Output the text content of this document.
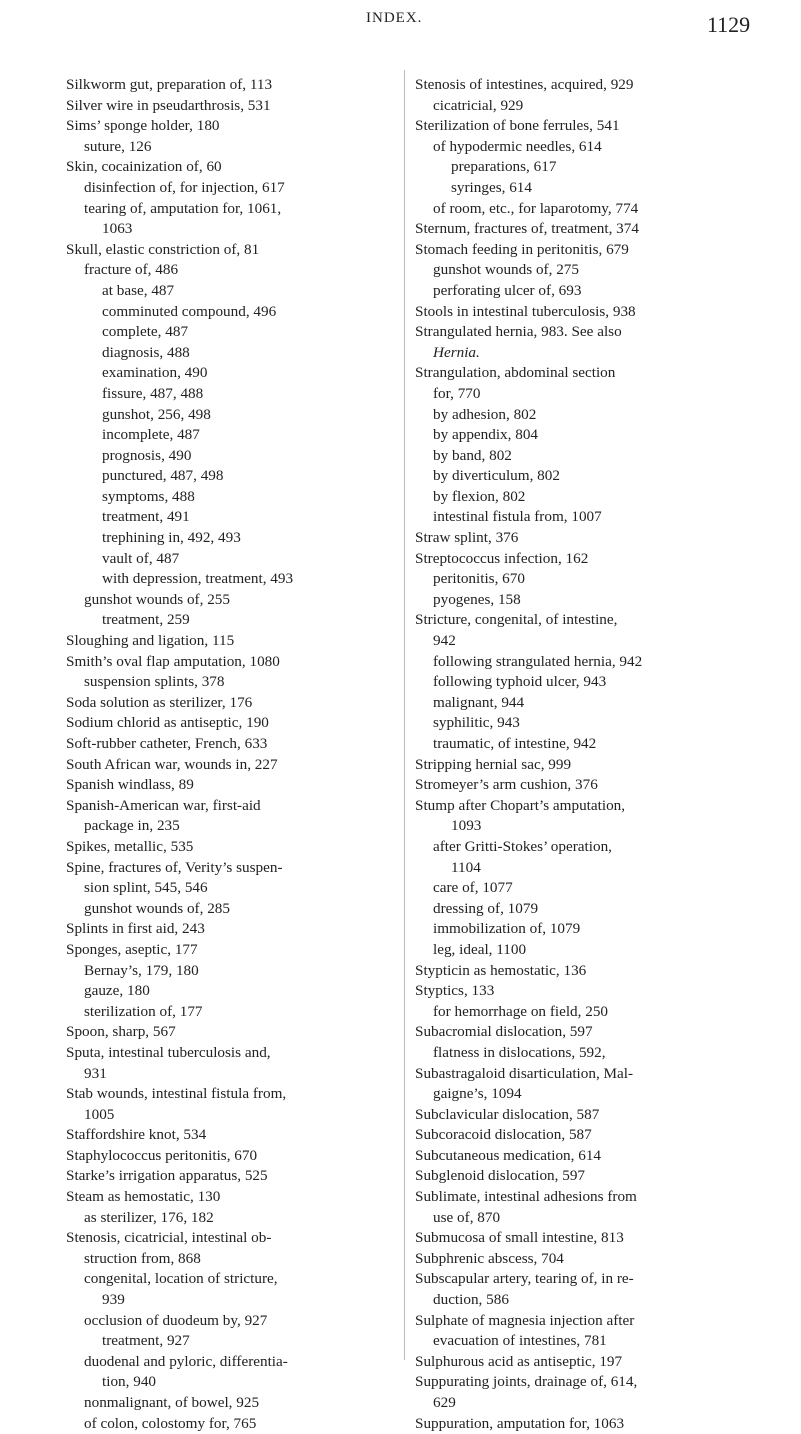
INDEX.	1129
Silkworm gut, preparation of, 113
Silver wire in pseudarthrosis, 531
Sims’ sponge holder, 180
suture, 126
Skin, cocainization of, 60
disinfection of, for injection, 617
tearing of, amputation for, 1061,
1063
Skull, elastic constriction of, 81
fracture of, 486
at base, 487
comminuted compound, 496
complete, 487
diagnosis, 488
examination, 490
fissure, 487, 488
gunshot, 256, 498
incomplete, 487
prognosis, 490
punctured, 487, 498
symptoms, 488
treatment, 491
trephining in, 492, 493
vault of, 487
with depression, treatment, 493
gunshot wounds of, 255
treatment, 259
Sloughing and ligation, 115
Smith’s oval flap amputation, 1080
suspension splints, 378
Soda solution as sterilizer, 176
Sodium chlorid as antiseptic, 190
Soft-rubber catheter, French, 633
South African war, wounds in, 227
Spanish windlass, 89
Spanish-American war, first-aid
package in, 235
Spikes, metallic, 535
Spine, fractures of, Verity’s suspen-
sion splint, 545, 546
gunshot wounds of, 285
Splints in first aid, 243
Sponges, aseptic, 177
Bernay’s, 179, 180
gauze, 180
sterilization of, 177
Spoon, sharp, 567
Sputa, intestinal tuberculosis and,
931
Stab wounds, intestinal fistula from,
1005
Staffordshire knot, 534
Staphylococcus peritonitis, 670
Starke’s irrigation apparatus, 525
Steam as hemostatic, 130
as sterilizer, 176, 182
Stenosis, cicatricial, intestinal ob-
struction from, 868
congenital, location of stricture,
939
occlusion of duodeum by, 927
treatment, 927
duodenal and pyloric, differentia-
tion, 940
nonmalignant, of bowel, 925
of colon, colostomy for, 765
Stenosis of intestines, acquired, 929
cicatricial, 929
Sterilization of bone ferrules, 541
of hypodermic needles, 614
preparations, 617
syringes, 614
of room, etc., for laparotomy, 774
Sternum, fractures of, treatment, 374
Stomach feeding in peritonitis, 679
gunshot wounds of, 275
perforating ulcer of, 693
Stools in intestinal tuberculosis, 938
Strangulated hernia, 983. See also
Hernia.
Strangulation, abdominal section
for, 770
by adhesion, 802
by appendix, 804
by band, 802
by diverticulum, 802
by flexion, 802
intestinal fistula from, 1007
Straw splint, 376
Streptococcus infection, 162
peritonitis, 670
pyogenes, 158
Stricture, congenital, of intestine,
942
following strangulated hernia, 942
following typhoid ulcer, 943
malignant, 944
syphilitic, 943
traumatic, of intestine, 942
Stripping hernial sac, 999
Stromeyer’s arm cushion, 376
Stump after Chopart’s amputation,
1093
after Gritti-Stokes’ operation,
1104
care of, 1077
dressing of, 1079
immobilization of, 1079
leg, ideal, 1100
Stypticin as hemostatic, 136
Styptics, 133
for hemorrhage on field, 250
Subacromial dislocation, 597
flatness in dislocations, 592,
Subastragaloid disarticulation, Mal-
gaigne’s, 1094
Subclavicular dislocation, 587
Subcoracoid dislocation, 587
Subcutaneous medication, 614
Subglenoid dislocation, 597
Sublimate, intestinal adhesions from
use of, 870
Submucosa of small intestine, 813
Subphrenic abscess, 704
Subscapular artery, tearing of, in re-
duction, 586
Sulphate of magnesia injection after
evacuation of intestines, 781
Sulphurous acid as antiseptic, 197
Suppurating joints, drainage of, 614,
629
Suppuration, amputation for, 1063
